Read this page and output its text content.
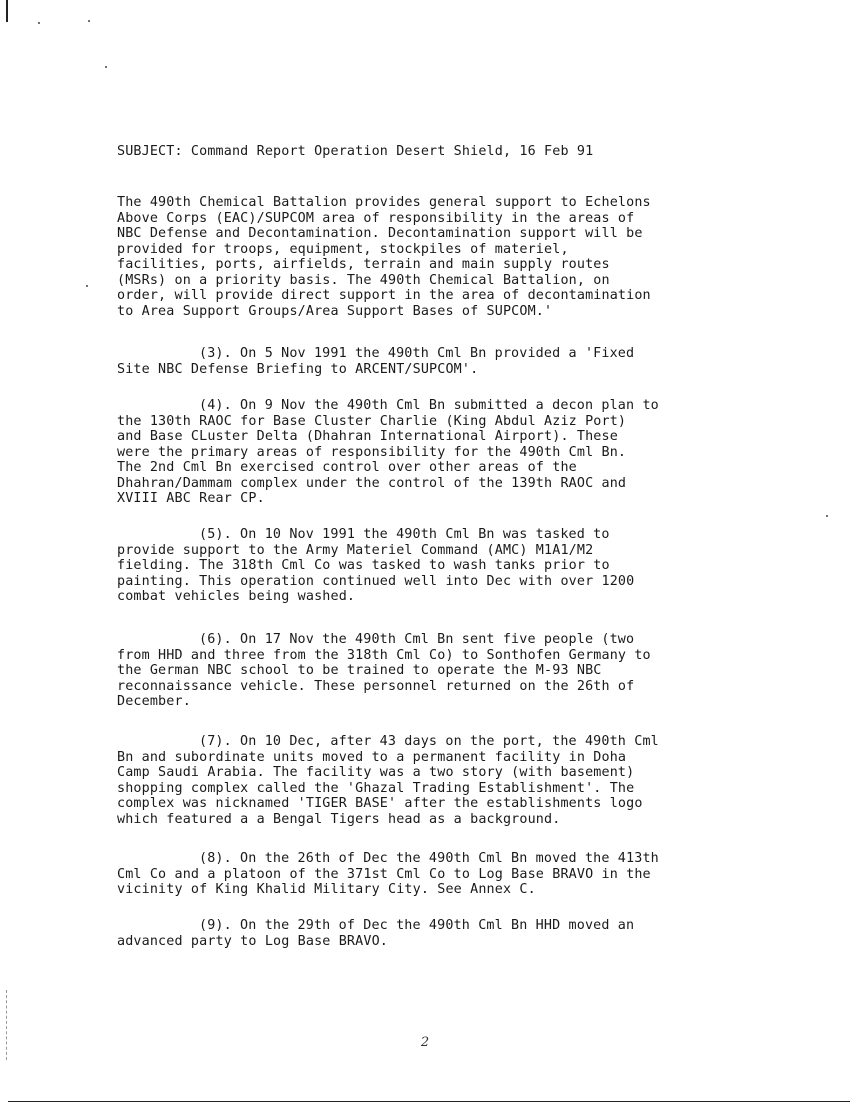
SUBJECT: Command Report Operation Desert Shield, 16 Feb 91
The 490th Chemical Battalion provides general support to Echelons
Above Corps (EAC)/SUPCOM area of responsibility in the areas of
NBC Defense and Decontamination. Decontamination support will be
provided for troops, equipment, stockpiles of materiel,
facilities, ports, airfields, terrain and main supply routes
(MSRs) on a priority basis. The 490th Chemical Battalion, on
order, will provide direct support in the area of decontamination
to Area Support Groups/Area Support Bases of SUPCOM.'
(3). On 5 Nov 1991 the 490th Cml Bn provided a 'Fixed
Site NBC Defense Briefing to ARCENT/SUPCOM'.
(4). On 9 Nov the 490th Cml Bn submitted a decon plan to
the 130th RAOC for Base Cluster Charlie (King Abdul Aziz Port)
and Base CLuster Delta (Dhahran International Airport). These
were the primary areas of responsibility for the 490th Cml Bn.
The 2nd Cml Bn exercised control over other areas of the
Dhahran/Dammam complex under the control of the 139th RAOC and
XVIII ABC Rear CP.
(5). On 10 Nov 1991 the 490th Cml Bn was tasked to
provide support to the Army Materiel Command (AMC) M1A1/M2
fielding. The 318th Cml Co was tasked to wash tanks prior to
painting. This operation continued well into Dec with over 1200
combat vehicles being washed.
(6). On 17 Nov the 490th Cml Bn sent five people (two
from HHD and three from the 318th Cml Co) to Sonthofen Germany to
the German NBC school to be trained to operate the M-93 NBC
reconnaissance vehicle. These personnel returned on the 26th of
December.
(7). On 10 Dec, after 43 days on the port, the 490th Cml
Bn and subordinate units moved to a permanent facility in Doha
Camp Saudi Arabia. The facility was a two story (with basement)
shopping complex called the 'Ghazal Trading Establishment'. The
complex was nicknamed 'TIGER BASE' after the establishments logo
which featured a a Bengal Tigers head as a background.
(8). On the 26th of Dec the 490th Cml Bn moved the 413th
Cml Co and a platoon of the 371st Cml Co to Log Base BRAVO in the
vicinity of King Khalid Military City. See Annex C.
(9). On the 29th of Dec the 490th Cml Bn HHD moved an
advanced party to Log Base BRAVO.
2
